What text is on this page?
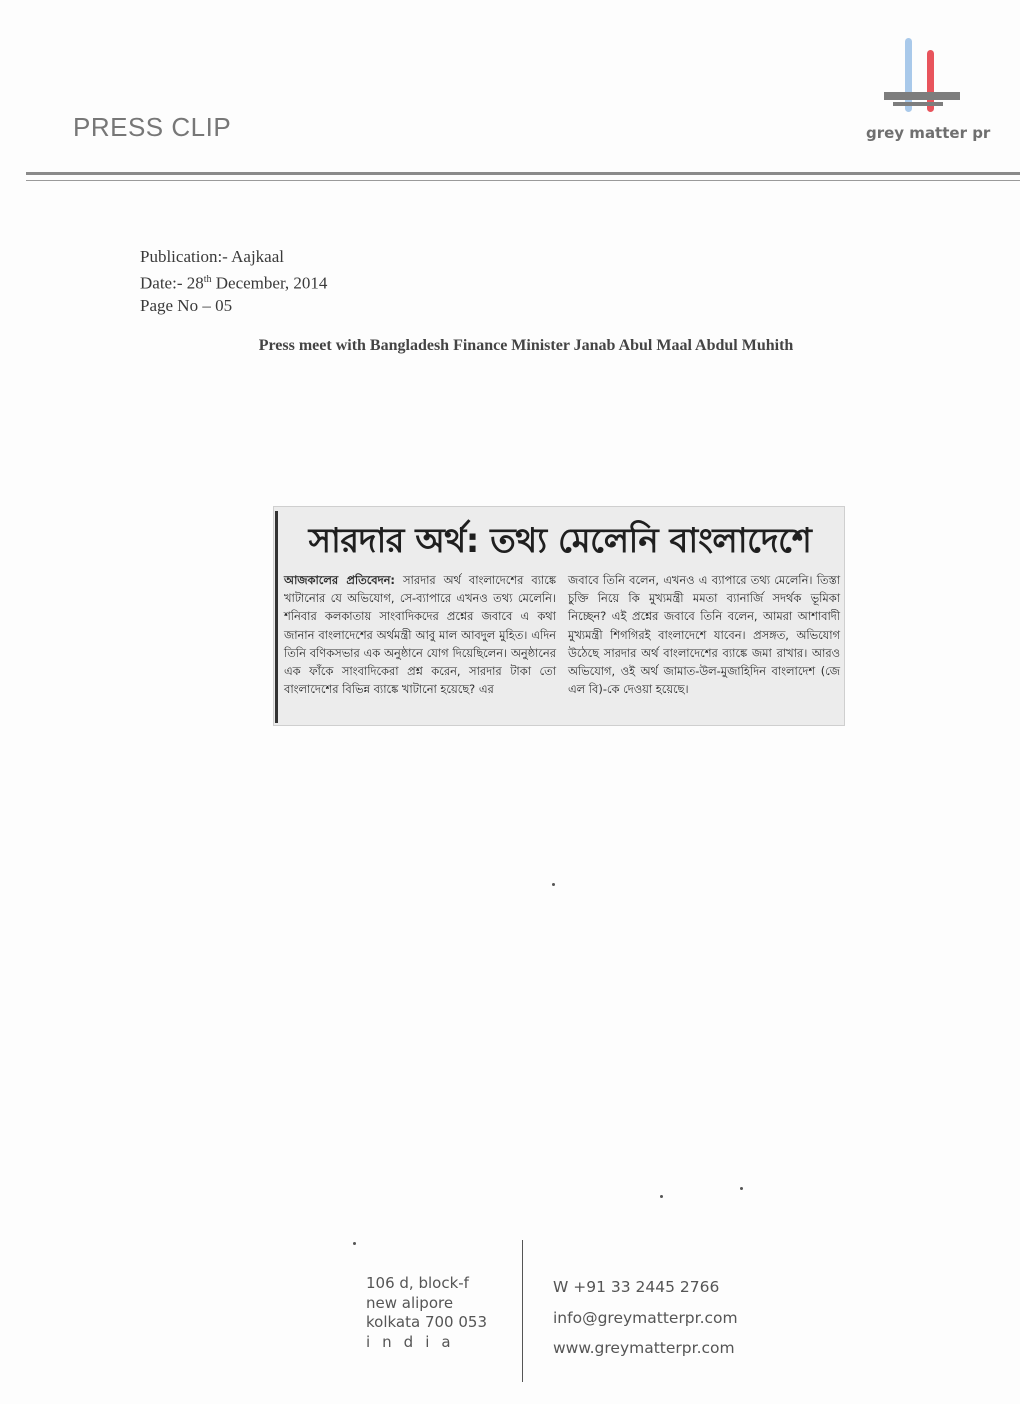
PRESS CLIP	grey matter pr
Publication:- Aajkaal
Date:- 28th December, 2014
Page No – 05
Press meet with Bangladesh Finance Minister Janab Abul Maal Abdul Muhith
সারদার অর্থ: তথ্য মেলেনি বাংলাদেশে
আজকালের প্রতিবেদন: সারদার অর্থ বাংলাদেশের ব্যাঙ্কে খাটানোর যে অভিযোগ, সে-ব্যাপারে এখনও তথ্য মেলেনি। শনিবার কলকাতায় সাংবাদিকদের প্রশ্নের জবাবে এ কথা জানান বাংলাদেশের অর্থমন্ত্রী আবু মাল আবদুল মুহিত। এদিন তিনি বণিকসভার এক অনুষ্ঠানে যোগ দিয়েছিলেন। অনুষ্ঠানের এক ফাঁকে সাংবাদিকেরা প্রশ্ন করেন, সারদার টাকা তো বাংলাদেশের বিভিন্ন ব্যাঙ্কে খাটানো হয়েছে? এর
জবাবে তিনি বলেন, এখনও এ ব্যাপারে তথ্য মেলেনি। তিস্তা চুক্তি নিয়ে কি মুখ্যমন্ত্রী মমতা ব্যানার্জি সদর্থক ভূমিকা নিচ্ছেন? এই প্রশ্নের জবাবে তিনি বলেন, আমরা আশাবাদী মুখ্যমন্ত্রী শিগগিরই বাংলাদেশে যাবেন। প্রসঙ্গত, অভিযোগ উঠেছে সারদার অর্থ বাংলাদেশের ব্যাঙ্কে জমা রাখার। আরও অভিযোগ, ওই অর্থ জামাত-উল-মুজাহিদিন বাংলাদেশ (জে এল বি)-কে দেওয়া হয়েছে।
106 d, block-f
new alipore
kolkata 700 053
india
W +91 33 2445 2766
info@greymatterpr.com
www.greymatterpr.com
